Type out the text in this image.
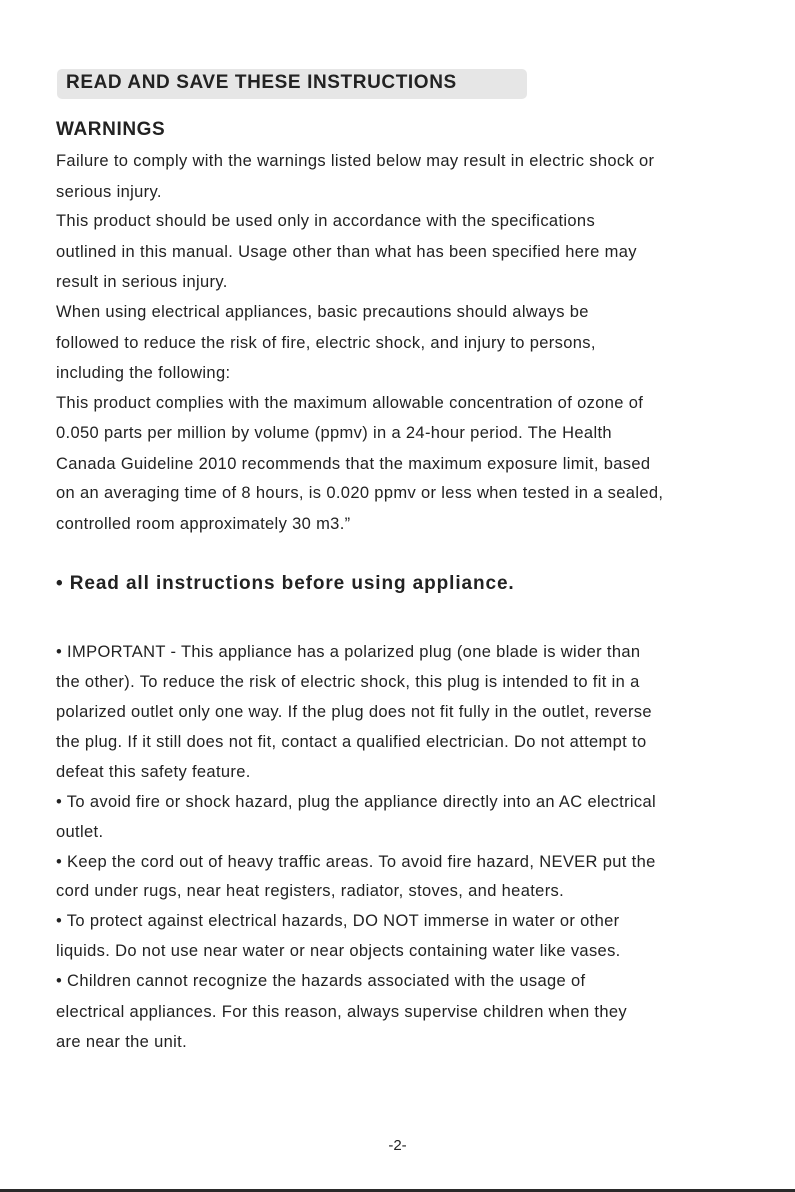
READ AND SAVE THESE INSTRUCTIONS
WARNINGS
Failure to comply with the warnings listed below may result in electric shock or
serious injury.
This product should be used only in accordance with the specifications
outlined in this manual. Usage other than what has been specified here may
result in serious injury.
When using electrical appliances, basic precautions should always be
followed to reduce the risk of fire, electric shock, and injury to persons,
including the following:
This product complies with the maximum allowable concentration of ozone of
0.050 parts per million by volume (ppmv) in a 24-hour period. The Health
Canada Guideline 2010 recommends that the maximum exposure limit, based
on an averaging time of 8 hours, is 0.020 ppmv or less when tested in a sealed,
controlled room approximately 30 m3.”
• Read all instructions before using appliance.
• IMPORTANT - This appliance has a polarized plug (one blade is wider than
the other). To reduce the risk of electric shock, this plug is intended to fit in a
polarized outlet only one way. If the plug does not fit fully in the outlet, reverse
the plug. If it still does not fit, contact a qualified electrician. Do not attempt to
defeat this safety feature.
• To avoid fire or shock hazard, plug the appliance directly into an AC electrical
outlet.
• Keep the cord out of heavy traffic areas. To avoid fire hazard, NEVER put the
cord under rugs, near heat registers, radiator, stoves, and heaters.
• To protect against electrical hazards, DO NOT immerse in water or other
liquids. Do not use near water or near objects containing water like vases.
• Children cannot recognize the hazards associated with the usage of
electrical appliances. For this reason, always supervise children when they
are near the unit.
-2-
